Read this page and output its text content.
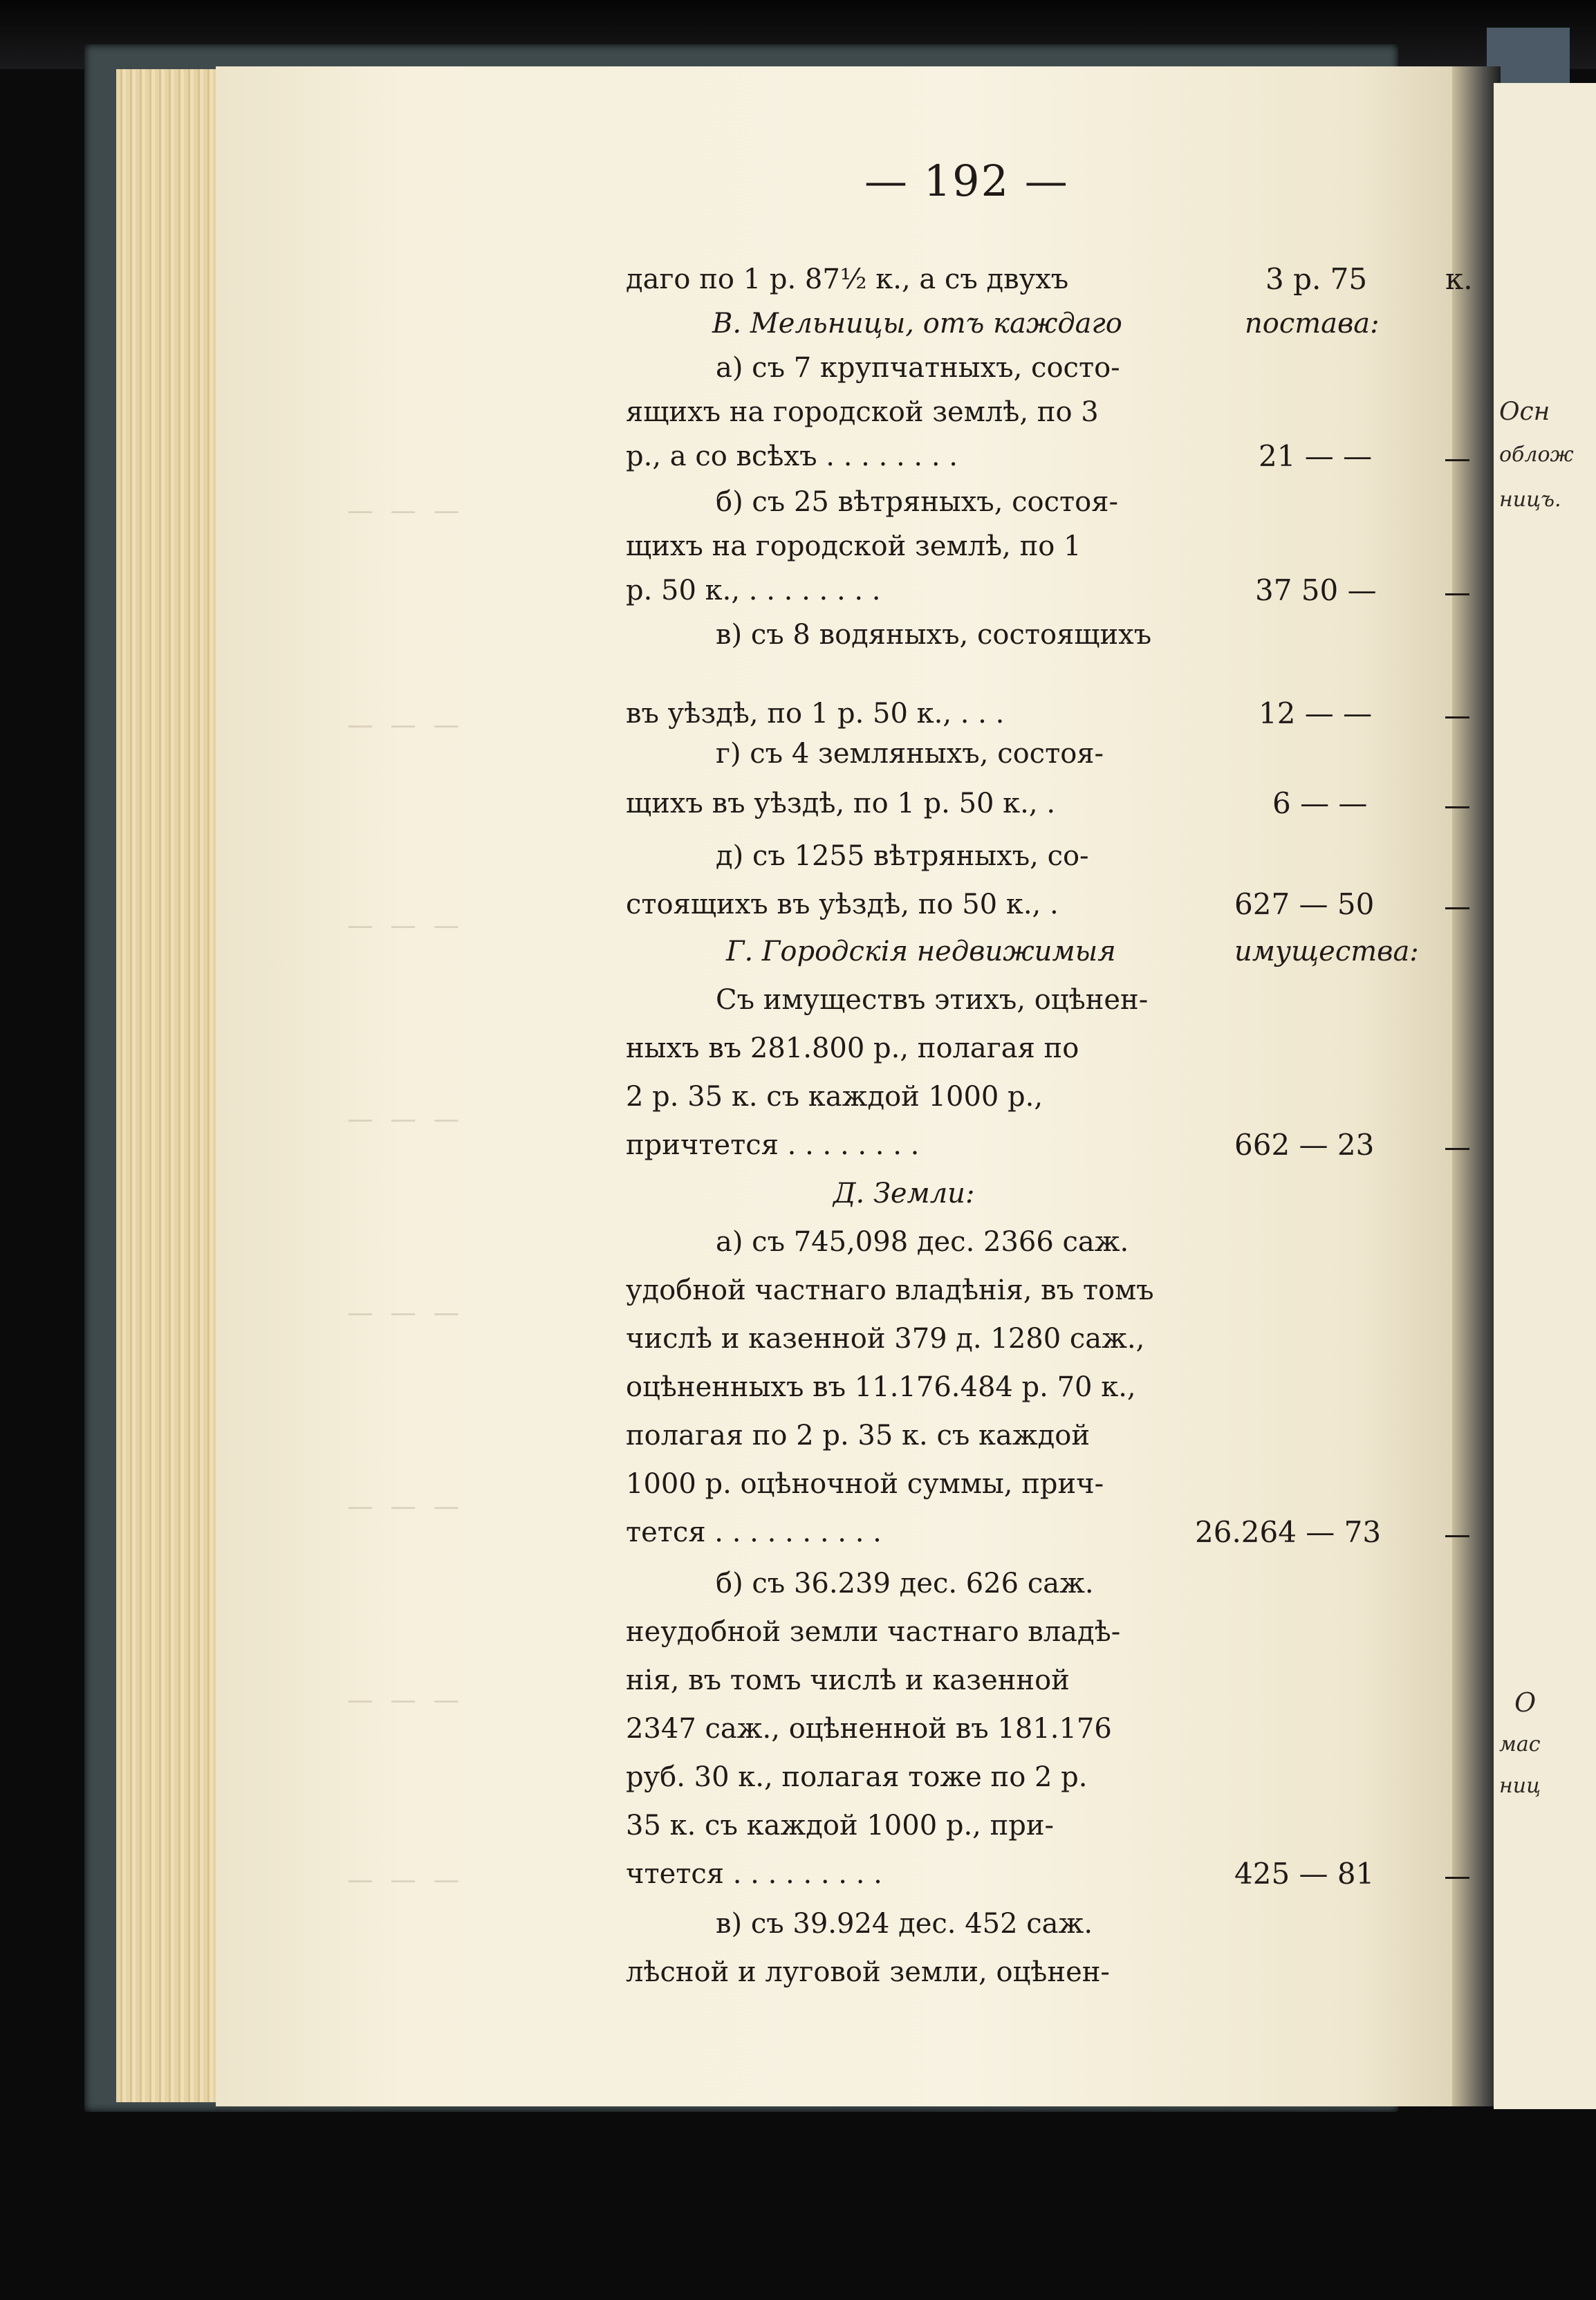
—  —  —
—  —  —
—  —  —
—  —  —
—  —  —
—  —  —
—  —  —
—  —  —
Осн
облож
ницъ.
О
мас
ниц
— 192 —
даго по 1 р. 87½ к., а съ двухъ
В. Мельницы, отъ каждаго
а) съ 7 крупчатныхъ, состо-
ящихъ на городской землѣ, по 3
р., а со всѣхъ . . . . . . . .
б) съ 25 вѣтряныхъ, состоя-
щихъ на городской землѣ, по 1
р. 50 к., . . . . . . . .
в) съ 8 водяныхъ, состоящихъ
въ уѣздѣ, по 1 р. 50 к., . . .
г) съ 4 земляныхъ, состоя-
щихъ въ уѣздѣ, по 1 р. 50 к., .
д) съ 1255 вѣтряныхъ, со-
стоящихъ въ уѣздѣ, по 50 к., .
Г. Городскія недвижимыя
Съ имуществъ этихъ, оцѣнен-
ныхъ въ 281.800 р., полагая по
2 р. 35 к. съ каждой 1000 р.,
причтется . . . . . . . .
Д. Земли:
а) съ 745,098 дес. 2366 саж.
удобной частнаго владѣнія, въ томъ
числѣ и казенной 379 д. 1280 саж.,
оцѣненныхъ въ 11.176.484 р. 70 к.,
полагая по 2 р. 35 к. съ каждой
1000 р. оцѣночной суммы, прич-
тется . . . . . . . . . .
б) съ 36.239 дес. 626 саж.
неудобной земли частнаго владѣ-
нія, въ томъ числѣ и казенной
2347 саж., оцѣненной въ 181.176
руб. 30 к., полагая тоже по 2 р.
35 к. съ каждой 1000 р., при-
чтется . . . . . . . . .
в) съ 39.924 дес. 452 саж.
лѣсной и луговой земли, оцѣнен-
постава:
имущества:
3 р. 75	к.
21 — —
37 50 —
12 — —
6 — —
627 — 50
662 — 23
26.264 — 73
425 — 81
